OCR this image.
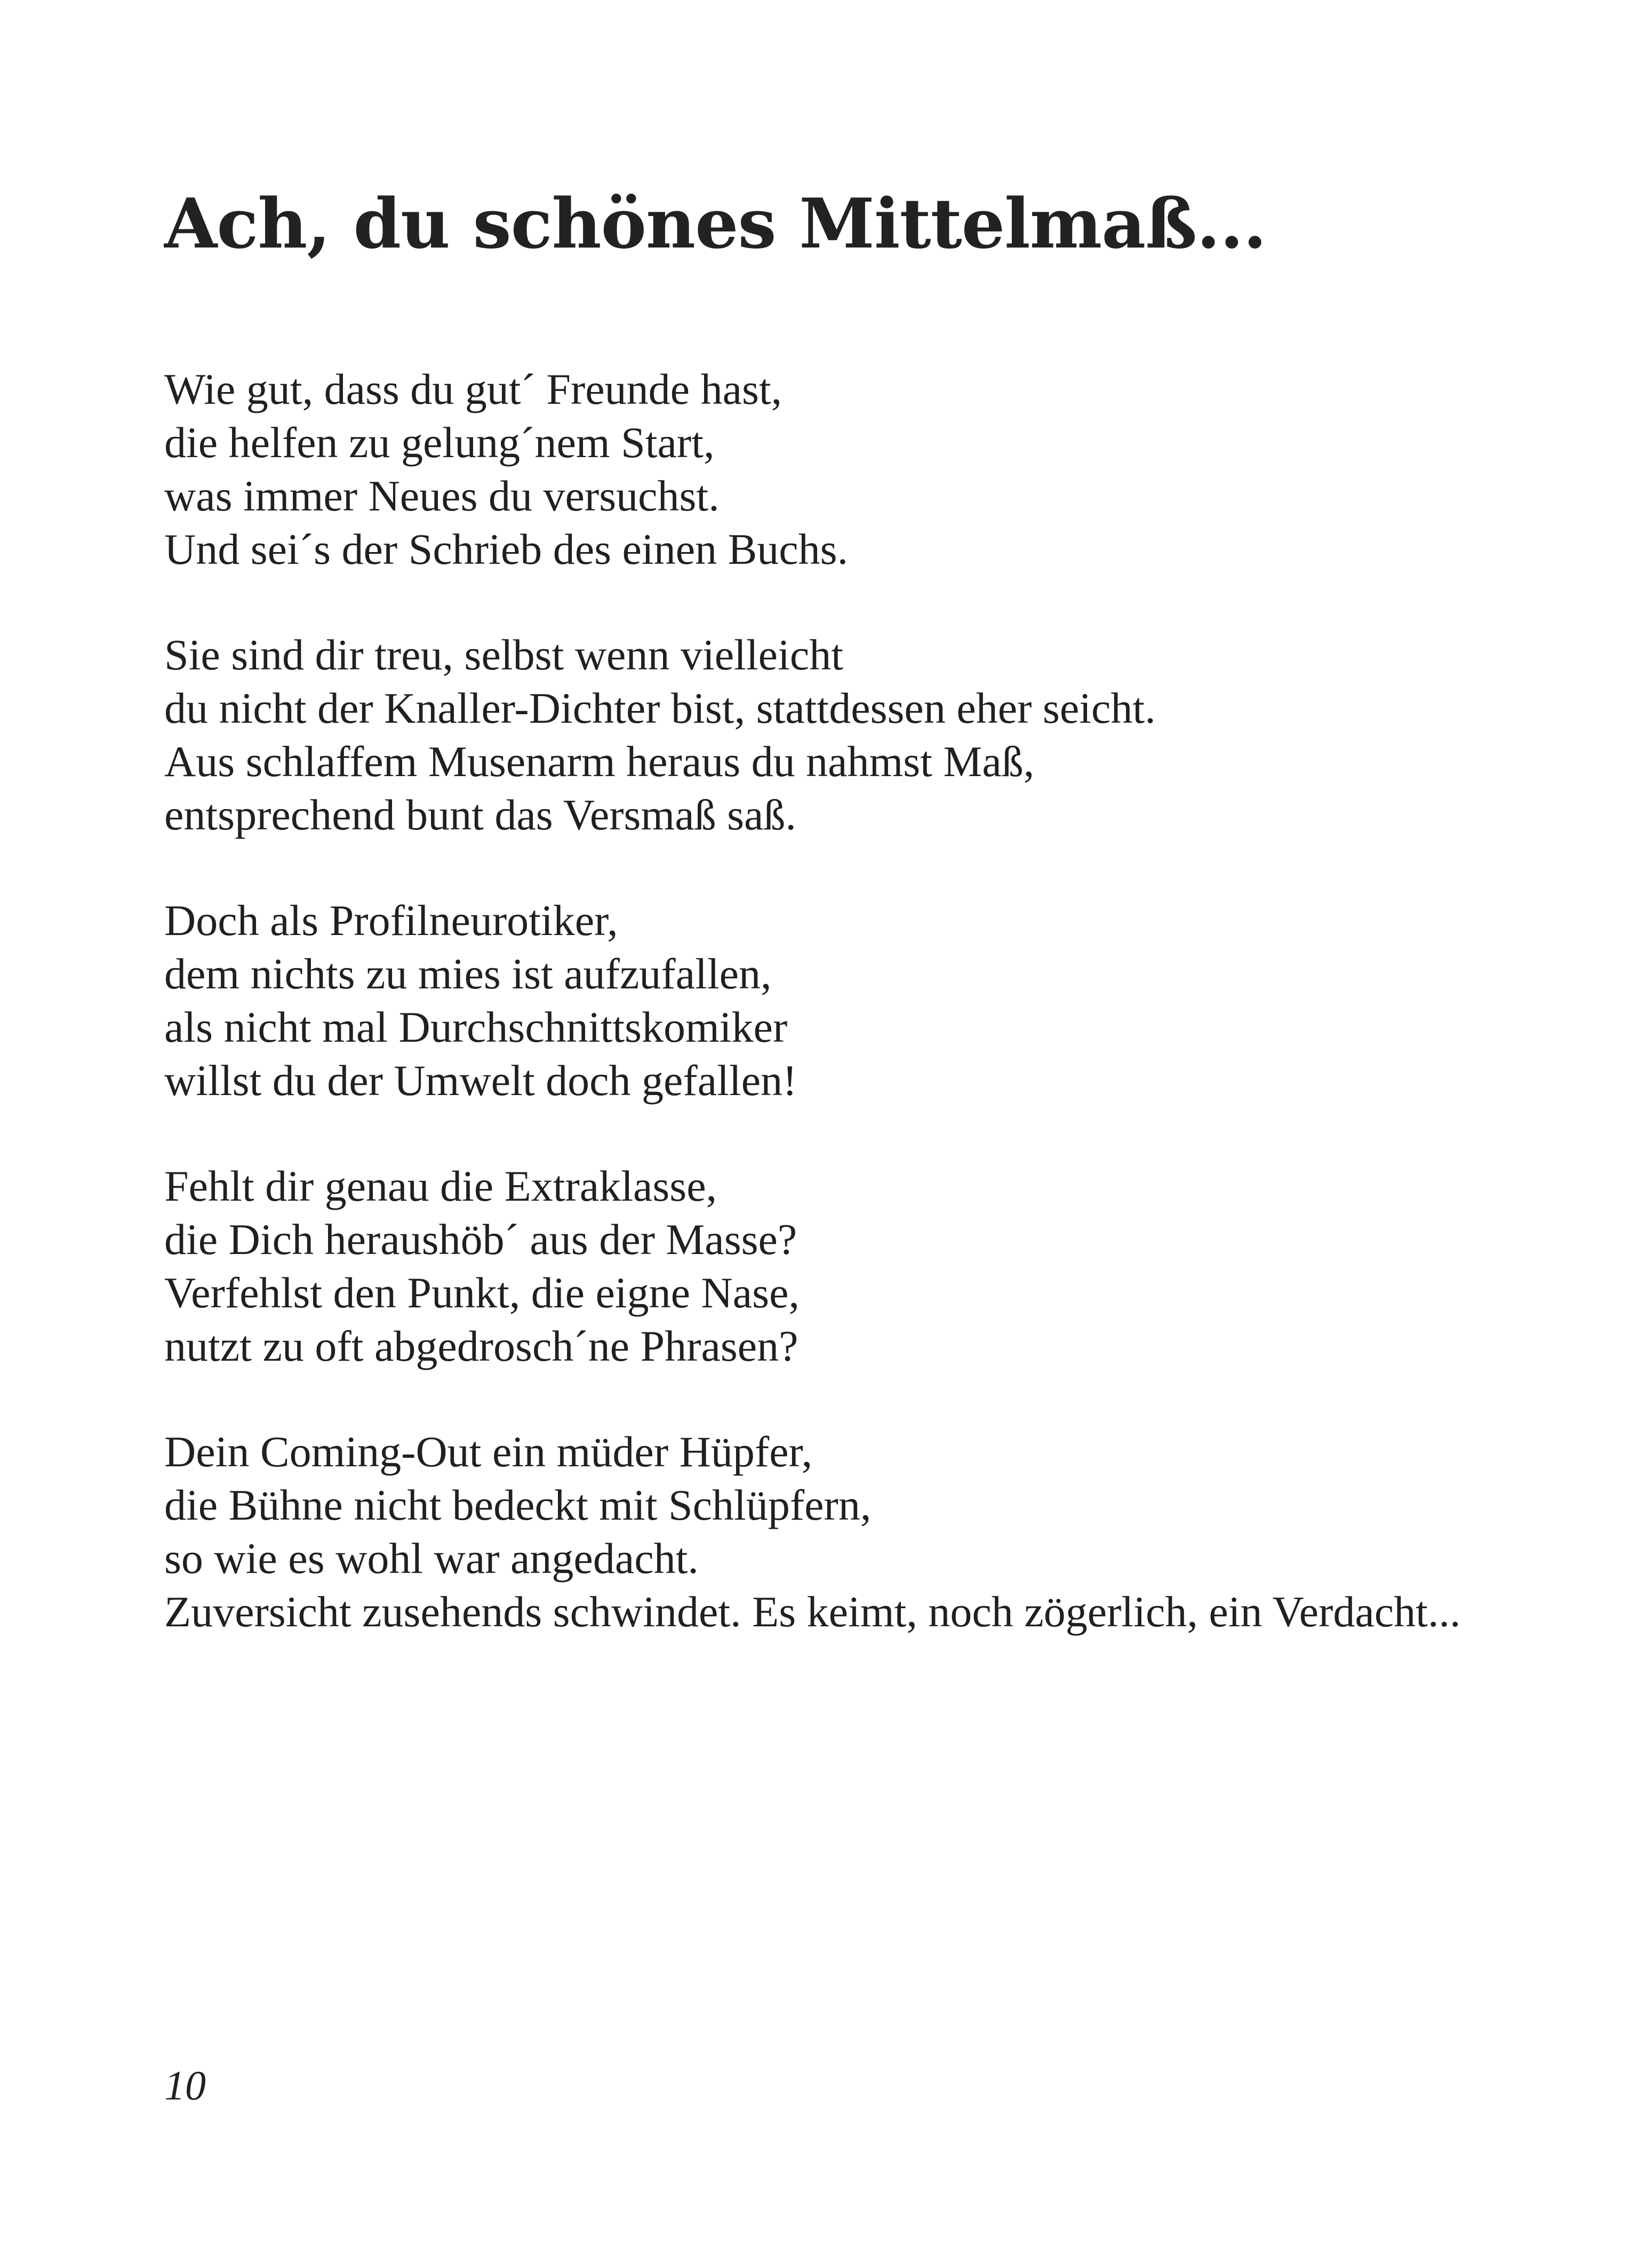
Ach, du schönes Mittelmaß...
Wie gut, dass du gut´ Freunde hast,
die helfen zu gelung´nem Start,
was immer Neues du versuchst.
Und sei´s der Schrieb des einen Buchs.
Sie sind dir treu, selbst wenn vielleicht
du nicht der Knaller-Dichter bist, stattdessen eher seicht.
Aus schlaffem Musenarm heraus du nahmst Maß,
entsprechend bunt das Versmaß saß.
Doch als Profilneurotiker,
dem nichts zu mies ist aufzufallen,
als nicht mal Durchschnittskomiker
willst du der Umwelt doch gefallen!
Fehlt dir genau die Extraklasse,
die Dich heraushöb´ aus der Masse?
Verfehlst den Punkt, die eigne Nase,
nutzt zu oft abgedrosch´ne Phrasen?
Dein Coming-Out ein müder Hüpfer,
die Bühne nicht bedeckt mit Schlüpfern,
so wie es wohl war angedacht.
Zuversicht zusehends schwindet. Es keimt, noch zögerlich, ein Verdacht...
10
